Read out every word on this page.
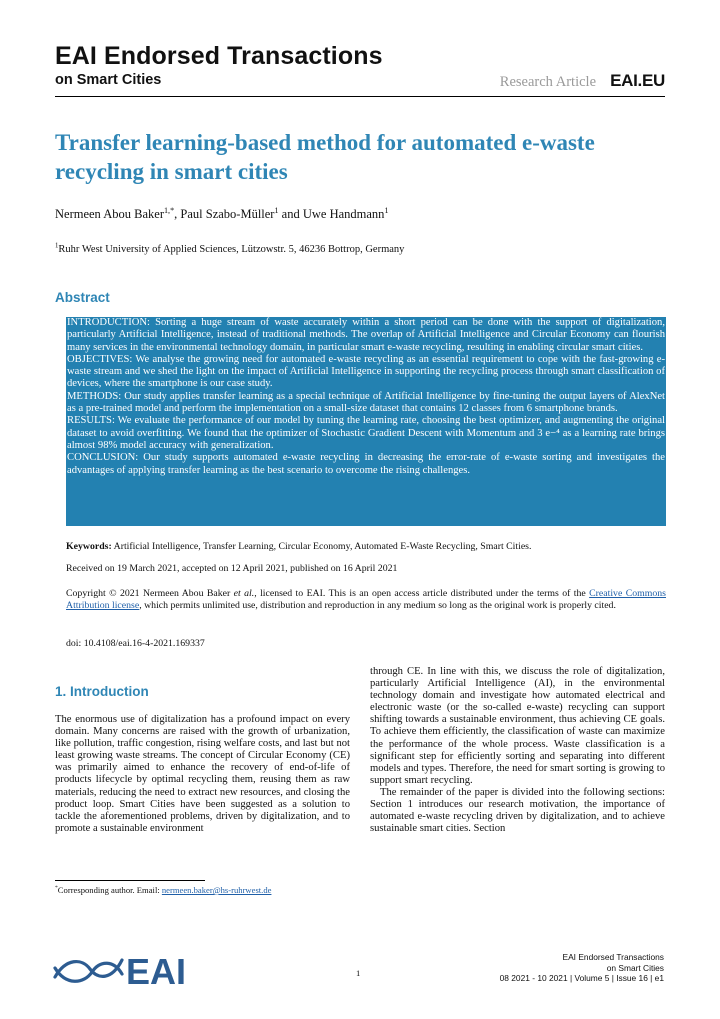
EAI Endorsed Transactions
on Smart Cities	Research Article EAI.EU
Transfer learning-based method for automated e-waste recycling in smart cities
Nermeen Abou Baker$^{1,*}$, Paul Szabo-Müller$^1$ and Uwe Handmann$^1$
$^1$Ruhr West University of Applied Sciences, Lützowstr. 5, 46236 Bottrop, Germany
Abstract

INTRODUCTION: Sorting a huge stream of waste accurately within a short period can be done with the support of digitalization, particularly Artificial Intelligence, instead of traditional methods. The overlap of Artificial Intelligence and Circular Economy can flourish many services in the environmental technology domain, in particular smart e-waste recycling, resulting in enabling circular smart cities.

OBJECTIVES: We analyse the growing need for automated e-waste recycling as an essential requirement to cope with the fast-growing e-waste stream and we shed the light on the impact of Artificial Intelligence in supporting the recycling process through smart classification of devices, where the smartphone is our case study.

METHODS: Our study applies transfer learning as a special technique of Artificial Intelligence by fine-tuning the output layers of AlexNet as a pre-trained model and perform the implementation on a small-size dataset that contains 12 classes from 6 smartphone brands.

RESULTS: We evaluate the performance of our model by tuning the learning rate, choosing the best optimizer, and augmenting the original dataset to avoid overfitting. We found that the optimizer of Stochastic Gradient Descent with Momentum and 3 e−⁴ as a learning rate brings almost 98% model accuracy with generalization.

CONCLUSION: Our study supports automated e-waste recycling in decreasing the error-rate of e-waste sorting and investigates the advantages of applying transfer learning as the best scenario to overcome the rising challenges.

Keywords: Artificial Intelligence, Transfer Learning, Circular Economy, Automated E-Waste Recycling, Smart Cities.
Received on 19 March 2021, accepted on 12 April 2021, published on 16 April 2021
Copyright © 2021 Nermeen Abou Baker et al., licensed to EAI. This is an open access article distributed under the terms of the Creative Commons Attribution license, which permits unlimited use, distribution and reproduction in any medium so long as the original work is properly cited.
doi: 10.4108/eai.16-4-2021.169337
1. Introduction

The enormous use of digitalization has a profound impact on every domain. Many concerns are raised with the growth of urbanization, like pollution, traffic congestion, rising welfare costs, and last but not least growing waste streams. The concept of Circular Economy (CE) was primarily aimed to enhance the recovery of end-of-life of products lifecycle by optimal recycling them, reusing them as raw materials, reducing the need to extract new resources, and closing the product loop. Smart Cities have been suggested as a solution to tackle the aforementioned problems, driven by digitalization, and to promote a sustainable environment

through CE. In line with this, we discuss the role of digitalization, particularly Artificial Intelligence (AI), in the environmental technology domain and investigate how automated electrical and electronic waste (or the so-called e-waste) recycling can support shifting towards a sustainable environment, thus achieving CE goals. To achieve them efficiently, the classification of waste can maximize the performance of the whole process. Waste classification is a significant step for efficiently sorting and separating into different models and types. Therefore, the need for smart sorting is growing to support smart recycling.

The remainder of the paper is divided into the following sections: Section 1 introduces our research motivation, the importance of automated e-waste recycling driven by digitalization, and to achieve sustainable smart cities. Section

*Corresponding author. Email: nermeen.baker@hs-ruhrwest.de
EAI	1
EAI Endorsed Transactions
on Smart Cities
08 2021 - 10 2021 | Volume 5 | Issue 16 | e1
